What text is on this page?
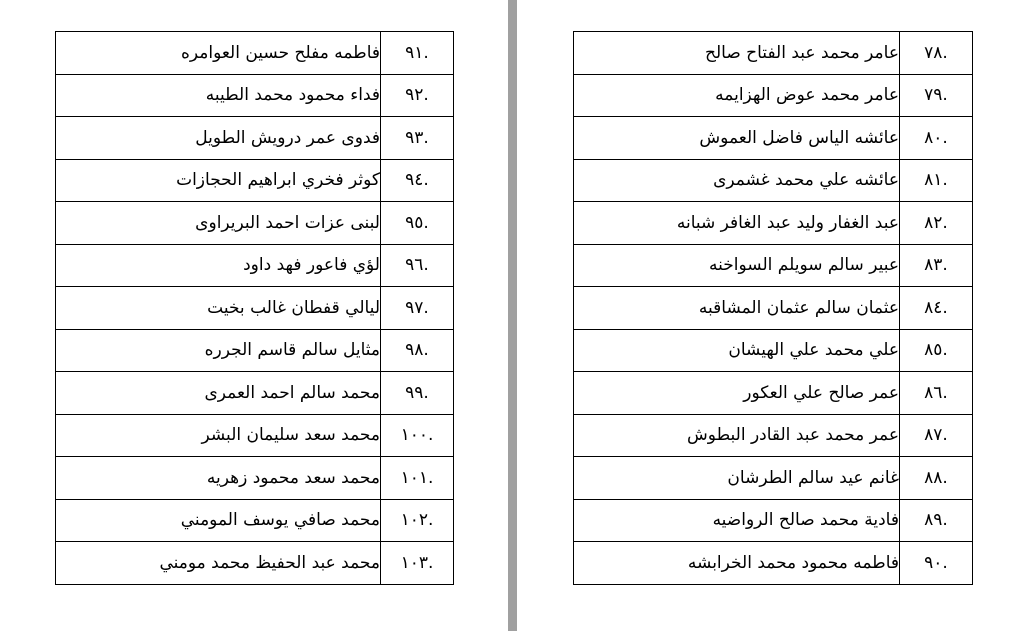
.٩١	فاطمه مفلح حسين العوامره
.٩٢	فداء محمود محمد الطيبه
.٩٣	فدوى عمر درويش الطويل
.٩٤	كوثر فخري ابراهيم الحجازات
.٩٥	لبنى عزات احمد البريراوى
.٩٦	لؤي فاعور فهد داود
.٩٧	ليالي قفطان غالب بخيت
.٩٨	مثايل سالم قاسم الجرره
.٩٩	محمد سالم احمد العمرى
.١٠٠	محمد سعد سليمان البشر
.١٠١	محمد سعد محمود زهريه
.١٠٢	محمد صافي يوسف المومني
.١٠٣	محمد عبد الحفيظ محمد مومني
.٧٨	عامر محمد عبد الفتاح صالح
.٧٩	عامر محمد عوض الهزايمه
.٨٠	عائشه الياس فاضل العموش
.٨١	عائشه علي محمد غشمرى
.٨٢	عبد الغفار وليد عبد الغافر شبانه
.٨٣	عبير سالم سويلم السواخنه
.٨٤	عثمان سالم عثمان المشاقبه
.٨٥	علي محمد علي الهيشان
.٨٦	عمر صالح علي العكور
.٨٧	عمر محمد عبد القادر البطوش
.٨٨	غانم عيد سالم الطرشان
.٨٩	فادية محمد صالح الرواضيه
.٩٠	فاطمه محمود محمد الخرابشه
